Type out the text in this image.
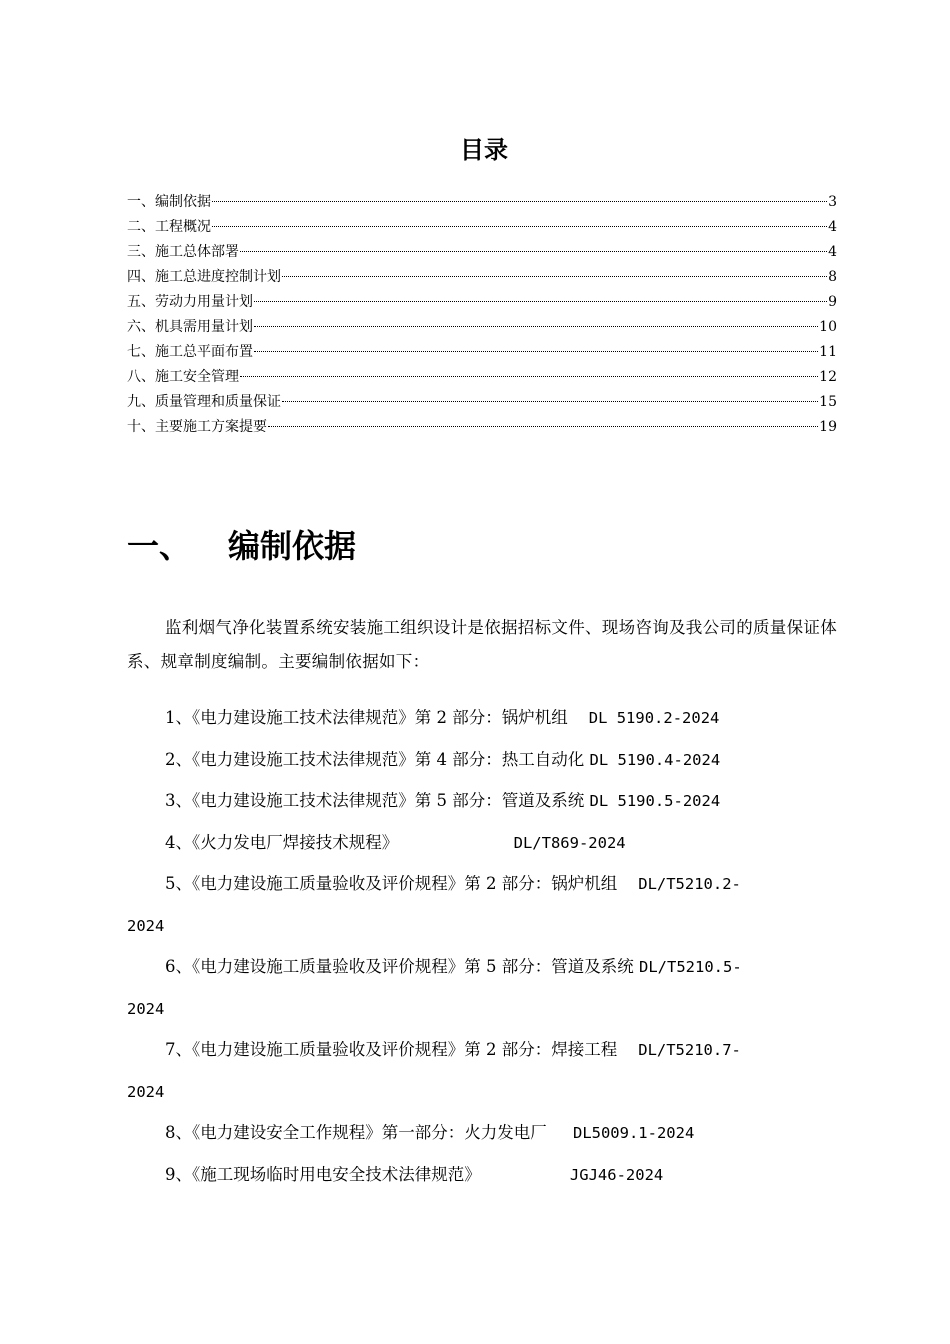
目录
一、编制依据	3
二、工程概况	4
三、施工总体部署	4
四、施工总进度控制计划	8
五、劳动力用量计划	9
六、机具需用量计划	10
七、施工总平面布置	11
八、施工安全管理	12
九、质量管理和质量保证	15
十、主要施工方案提要	19
一、 编制依据
监利烟气净化装置系统安装施工组织设计是依据招标文件、现场咨询及我公司的质量保证体系、规章制度编制。主要编制依据如下：
1、《电力建设施工技术法律规范》第 2 部分：锅炉机组 DL 5190.2-2024
2、《电力建设施工技术法律规范》第 4 部分：热工自动化 DL 5190.4-2024
3、《电力建设施工技术法律规范》第 5 部分：管道及系统 DL 5190.5-2024
4、《火力发电厂焊接技术规程》	DL/T869-2024
5、《电力建设施工质量验收及评价规程》第 2 部分：锅炉机组 DL/T5210.2-
2024
6、《电力建设施工质量验收及评价规程》第 5 部分：管道及系统 DL/T5210.5-
2024
7、《电力建设施工质量验收及评价规程》第 2 部分：焊接工程 DL/T5210.7-
2024
8、《电力建设安全工作规程》第一部分：火力发电厂 DL5009.1-2024
9、《施工现场临时用电安全技术法律规范》	JGJ46-2024
